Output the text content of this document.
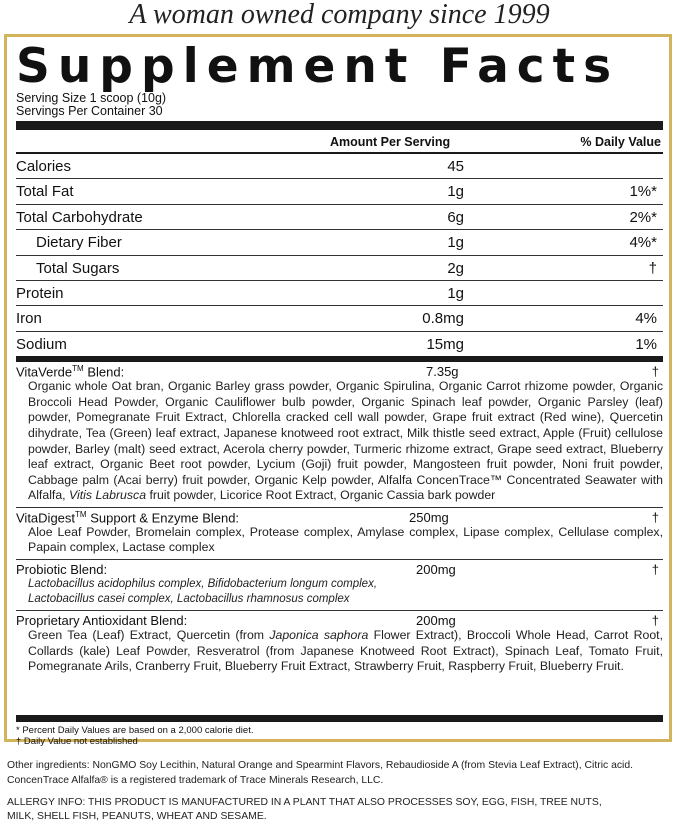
A woman owned company since 1999
Supplement Facts
Serving Size 1 scoop (10g)
Servings Per Container 30
Amount Per Serving	% Daily Value
Calories	45
Total Fat	1g	1%*
Total Carbohydrate	6g	2%*
Dietary Fiber	1g	4%*
Total Sugars	2g	†
Protein	1g
Iron	0.8mg	4%
Sodium	15mg	1%
VitaVerde™ Blend:	7.35g	†
Organic whole Oat bran, Organic Barley grass powder, Organic Spirulina, Organic Carrot rhizome powder, Organic Broccoli Head Powder, Organic Cauliflower bulb powder, Organic Spinach leaf powder, Organic Parsley (leaf) powder, Pomegranate Fruit Extract, Chlorella cracked cell wall powder, Grape fruit extract (Red wine), Quercetin dihydrate, Tea (Green) leaf extract, Japanese knotweed root extract, Milk thistle seed extract, Apple (Fruit) cellulose powder, Barley (malt) seed extract, Acerola cherry powder, Turmeric rhizome extract, Grape seed extract, Blueberry leaf extract, Organic Beet root powder, Lycium (Goji) fruit powder, Mangosteen fruit powder, Noni fruit powder, Cabbage palm (Acai berry) fruit powder, Organic Kelp powder, Alfalfa ConcenTrace™ Concentrated Seawater with Alfalfa, Vitis Labrusca fruit powder, Licorice Root Extract, Organic Cassia bark powder
VitaDigest™ Support & Enzyme Blend:	250mg	†
Aloe Leaf Powder, Bromelain complex, Protease complex, Amylase complex, Lipase complex, Cellulase complex, Papain complex, Lactase complex
Probiotic Blend:	200mg	†
Lactobacillus acidophilus complex, Bifidobacterium longum complex,
Lactobacillus casei complex, Lactobacillus rhamnosus complex
Proprietary Antioxidant Blend:	200mg	†
Green Tea (Leaf) Extract, Quercetin (from Japonica saphora Flower Extract), Broccoli Whole Head, Carrot Root, Collards (kale) Leaf Powder, Resveratrol (from Japanese Knotweed Root Extract), Spinach Leaf, Tomato Fruit, Pomegranate Arils, Cranberry Fruit, Blueberry Fruit Extract, Strawberry Fruit, Raspberry Fruit, Blueberry Fruit.
* Percent Daily Values are based on a 2,000 calorie diet.
† Daily Value not established
Other ingredients: NonGMO Soy Lecithin, Natural Orange and Spearmint Flavors, Rebaudioside A (from Stevia Leaf Extract), Citric acid.
ConcenTrace Alfalfa® is a registered trademark of Trace Minerals Research, LLC.
ALLERGY INFO: THIS PRODUCT IS MANUFACTURED IN A PLANT THAT ALSO PROCESSES SOY, EGG, FISH, TREE NUTS,
MILK, SHELL FISH, PEANUTS, WHEAT AND SESAME.
